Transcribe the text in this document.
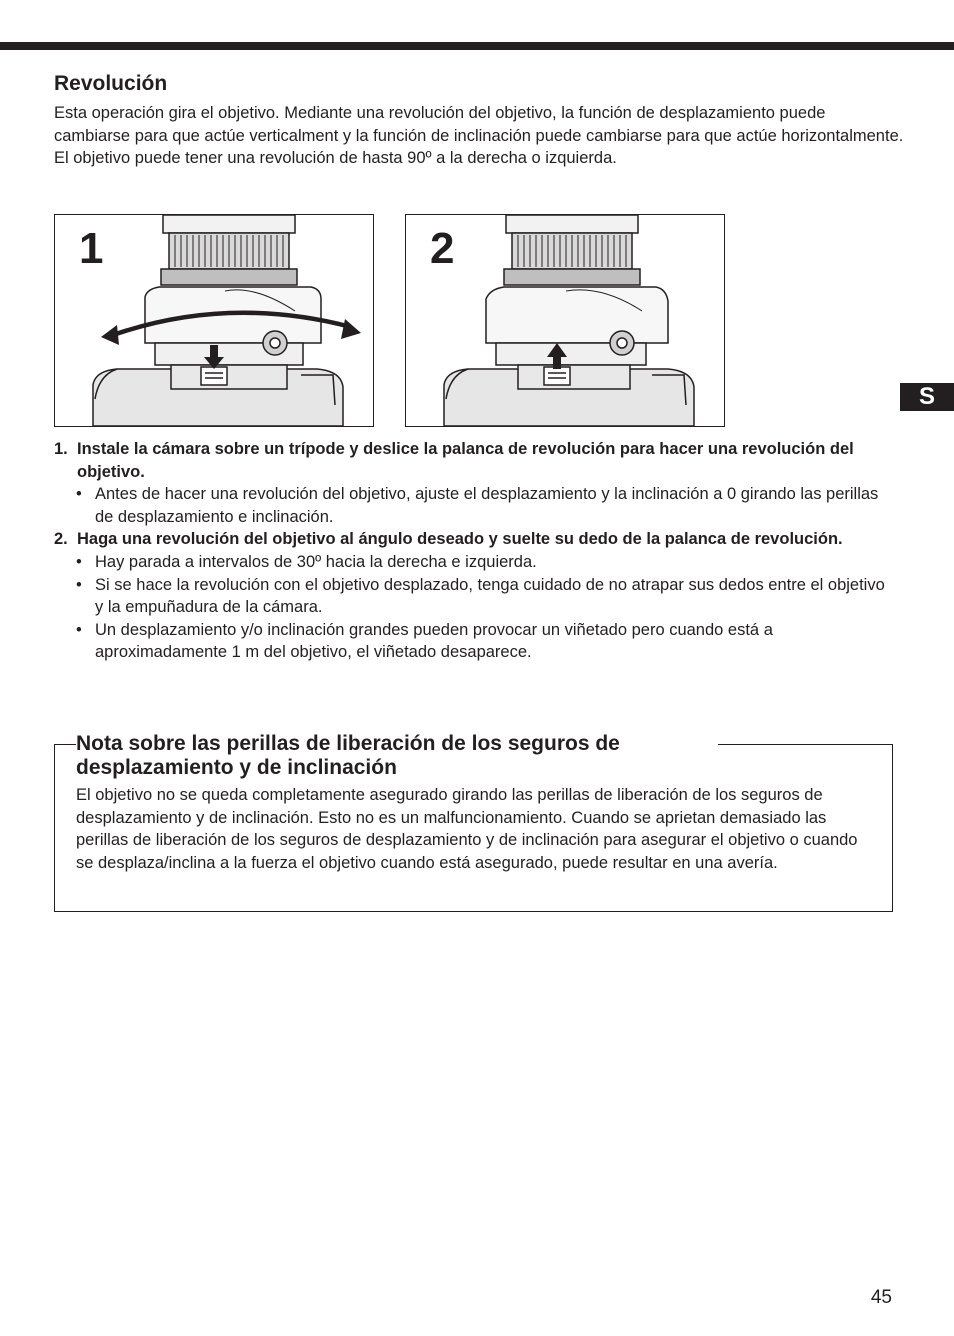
Revolución

Esta operación gira el objetivo. Mediante una revolución del objetivo, la función de desplazamiento puede cambiarse para que actúe verticalment y la función de inclinación puede cambiarse para que actúe horizontalmente. El objetivo puede tener una revolución de hasta 90º a la derecha o izquierda.

1	2
1. Instale la cámara sobre un trípode y deslice la palanca de revolución para hacer una revolución del objetivo.
• Antes de hacer una revolución del objetivo, ajuste el desplazamiento y la inclinación a 0 girando las perillas de desplazamiento e inclinación.
2. Haga una revolución del objetivo al ángulo deseado y suelte su dedo de la palanca de revolución.
• Hay parada a intervalos de 30º hacia la derecha e izquierda.
• Si se hace la revolución con el objetivo desplazado, tenga cuidado de no atrapar sus dedos entre el objetivo y la empuñadura de la cámara.
• Un desplazamiento y/o inclinación grandes pueden provocar un viñetado pero cuando está a aproximadamente 1 m del objetivo, el viñetado desaparece.
Nota sobre las perillas de liberación de los seguros de desplazamiento y de inclinación

El objetivo no se queda completamente asegurado girando las perillas de liberación de los seguros de desplazamiento y de inclinación. Esto no es un malfuncionamiento. Cuando se aprietan demasiado las perillas de liberación de los seguros de desplazamiento y de inclinación para asegurar el objetivo o cuando se desplaza/inclina a la fuerza el objetivo cuando está asegurado, puede resultar en una avería.

S
45
